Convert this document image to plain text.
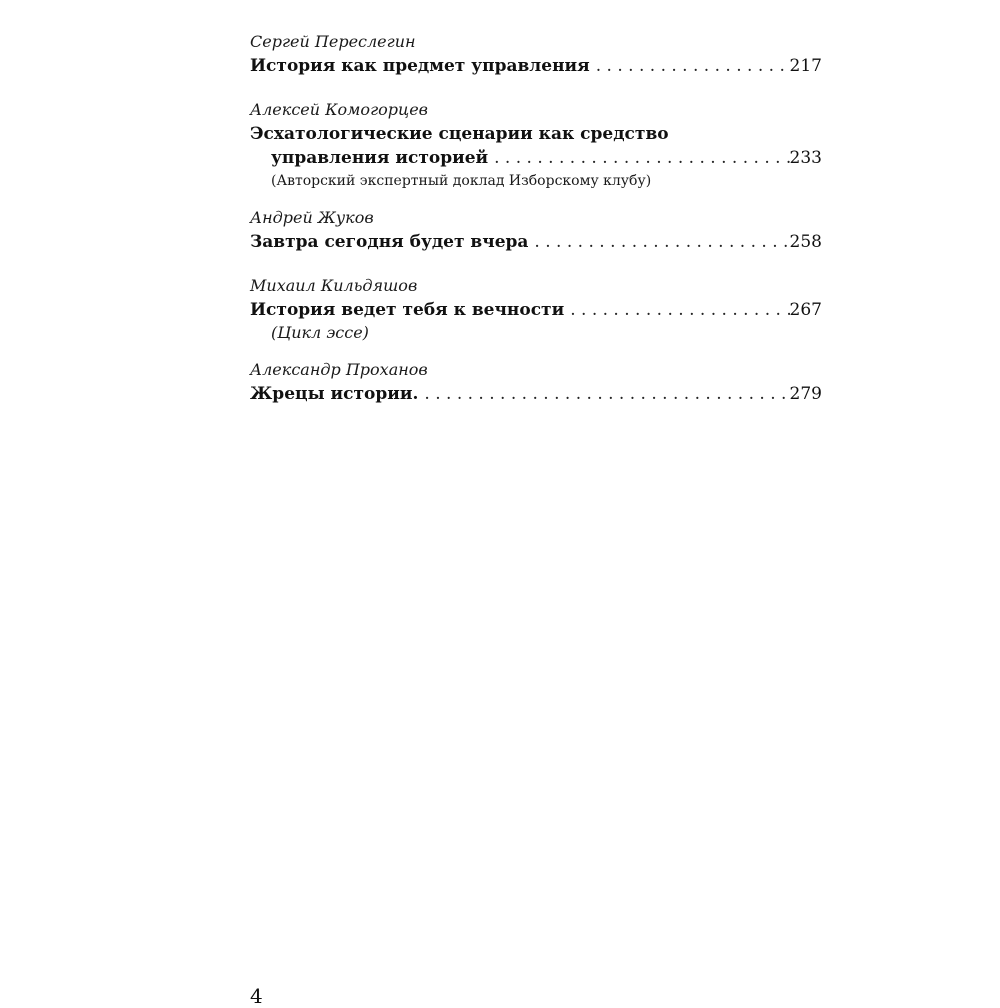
Сергей Переслегин
История как предмет управления . . .	217
Алексей Комогорцев
Эсхатологические сценарии как средство
управления историей . . .	233
(Авторский экспертный доклад Изборскому клубу)
Андрей Жуков
Завтра сегодня будет вчера . . .	258
Михаил Кильдяшов
История ведет тебя к вечности . . .	267
(Цикл эссе)
Александр Проханов
Жрецы истории. . . .	279
4
